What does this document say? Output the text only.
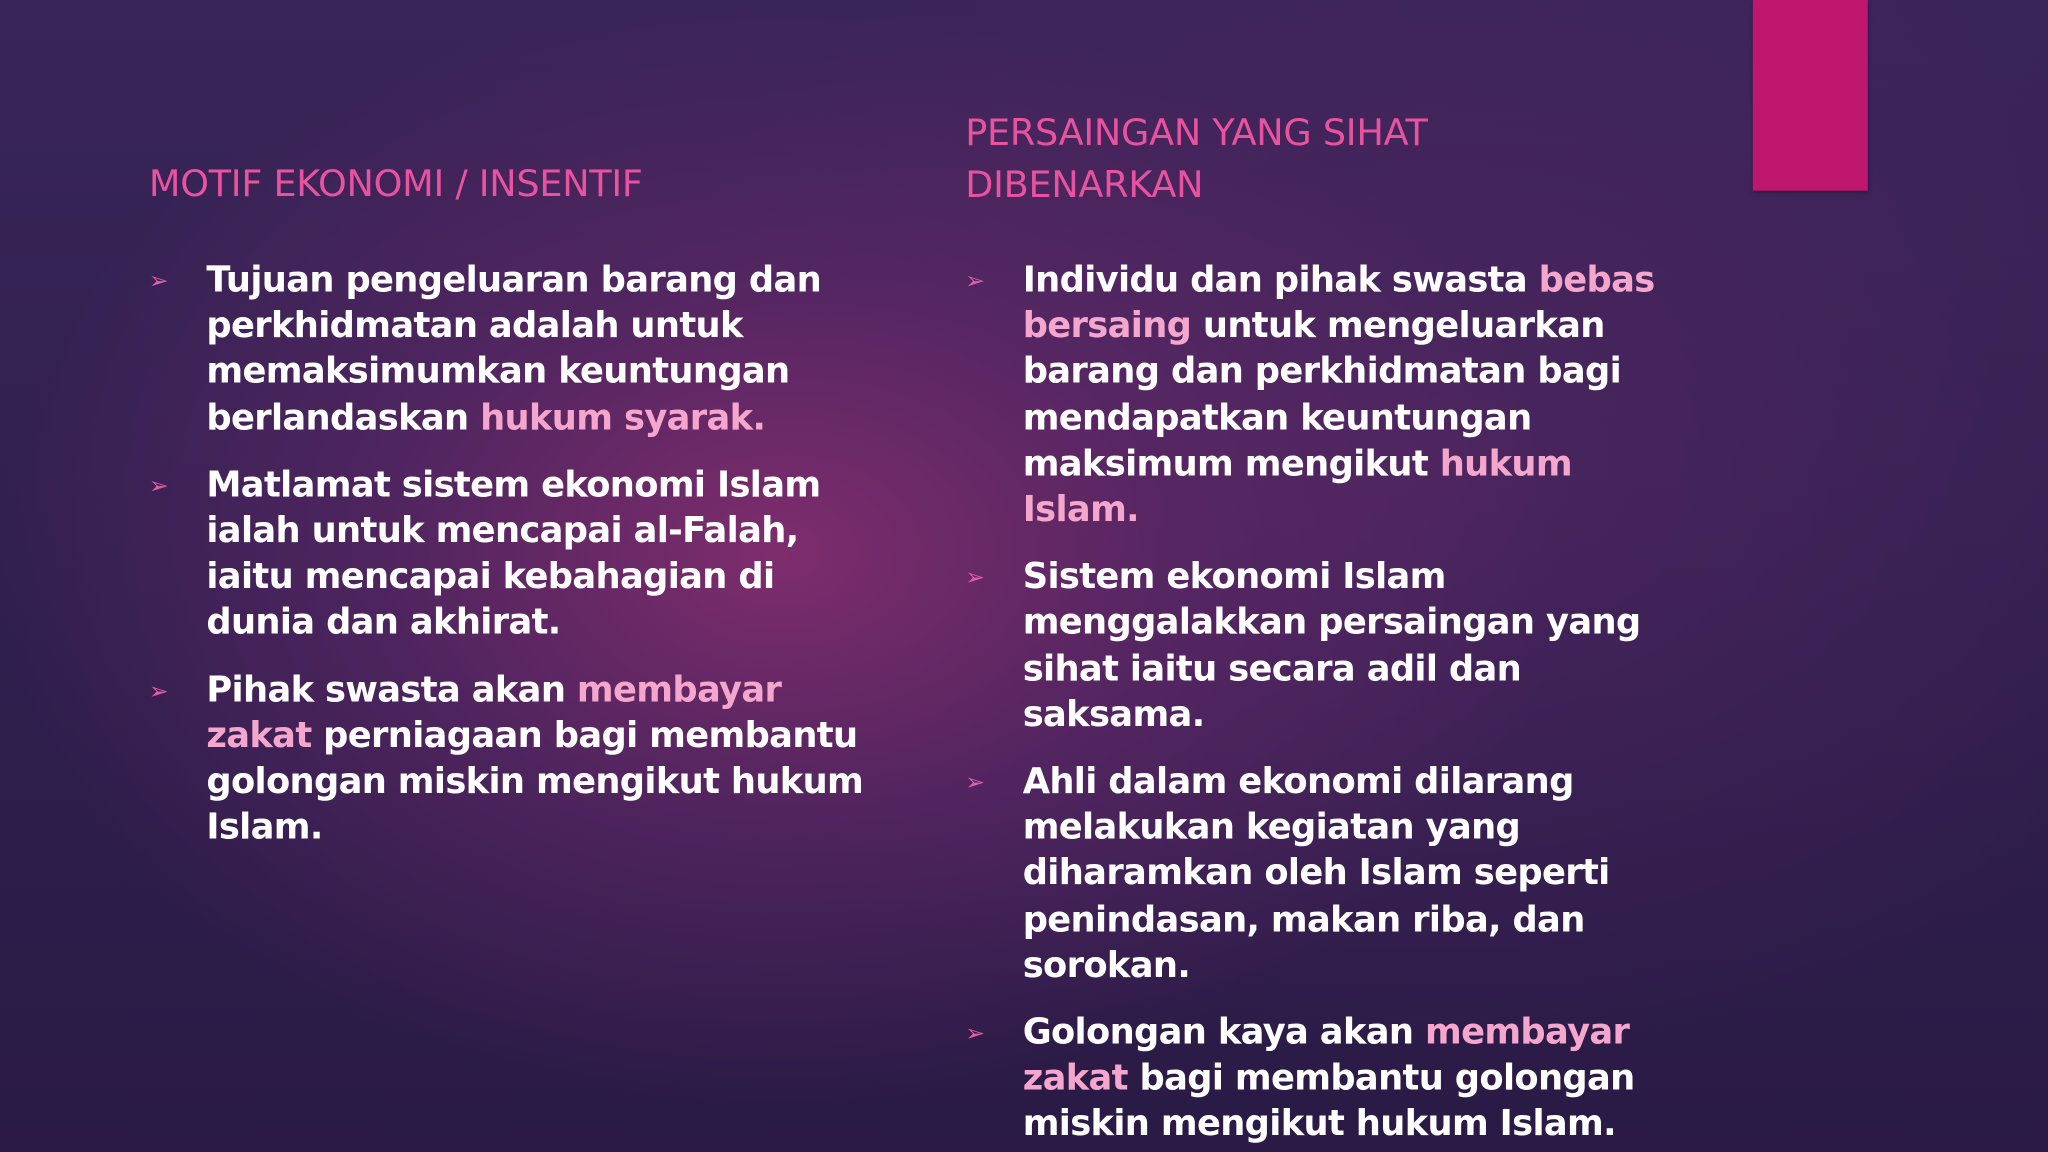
MOTIF EKONOMI / INSENTIF
PERSAINGAN YANG SIHAT DIBENARKAN
➢ Tujuan pengeluaran barang dan perkhidmatan adalah untuk memaksimumkan keuntungan berlandaskan hukum syarak.
➢ Matlamat sistem ekonomi Islam ialah untuk mencapai al-Falah, iaitu mencapai kebahagian di dunia dan akhirat.
➢ Pihak swasta akan membayar zakat perniagaan bagi membantu golongan miskin mengikut hukum Islam.
➢ Individu dan pihak swasta bebas bersaing untuk mengeluarkan barang dan perkhidmatan bagi mendapatkan keuntungan maksimum mengikut hukum Islam.
➢ Sistem ekonomi Islam menggalakkan persaingan yang sihat iaitu secara adil dan saksama.
➢ Ahli dalam ekonomi dilarang melakukan kegiatan yang diharamkan oleh Islam seperti penindasan, makan riba, dan sorokan.
➢ Golongan kaya akan membayar zakat bagi membantu golongan miskin mengikut hukum Islam.
